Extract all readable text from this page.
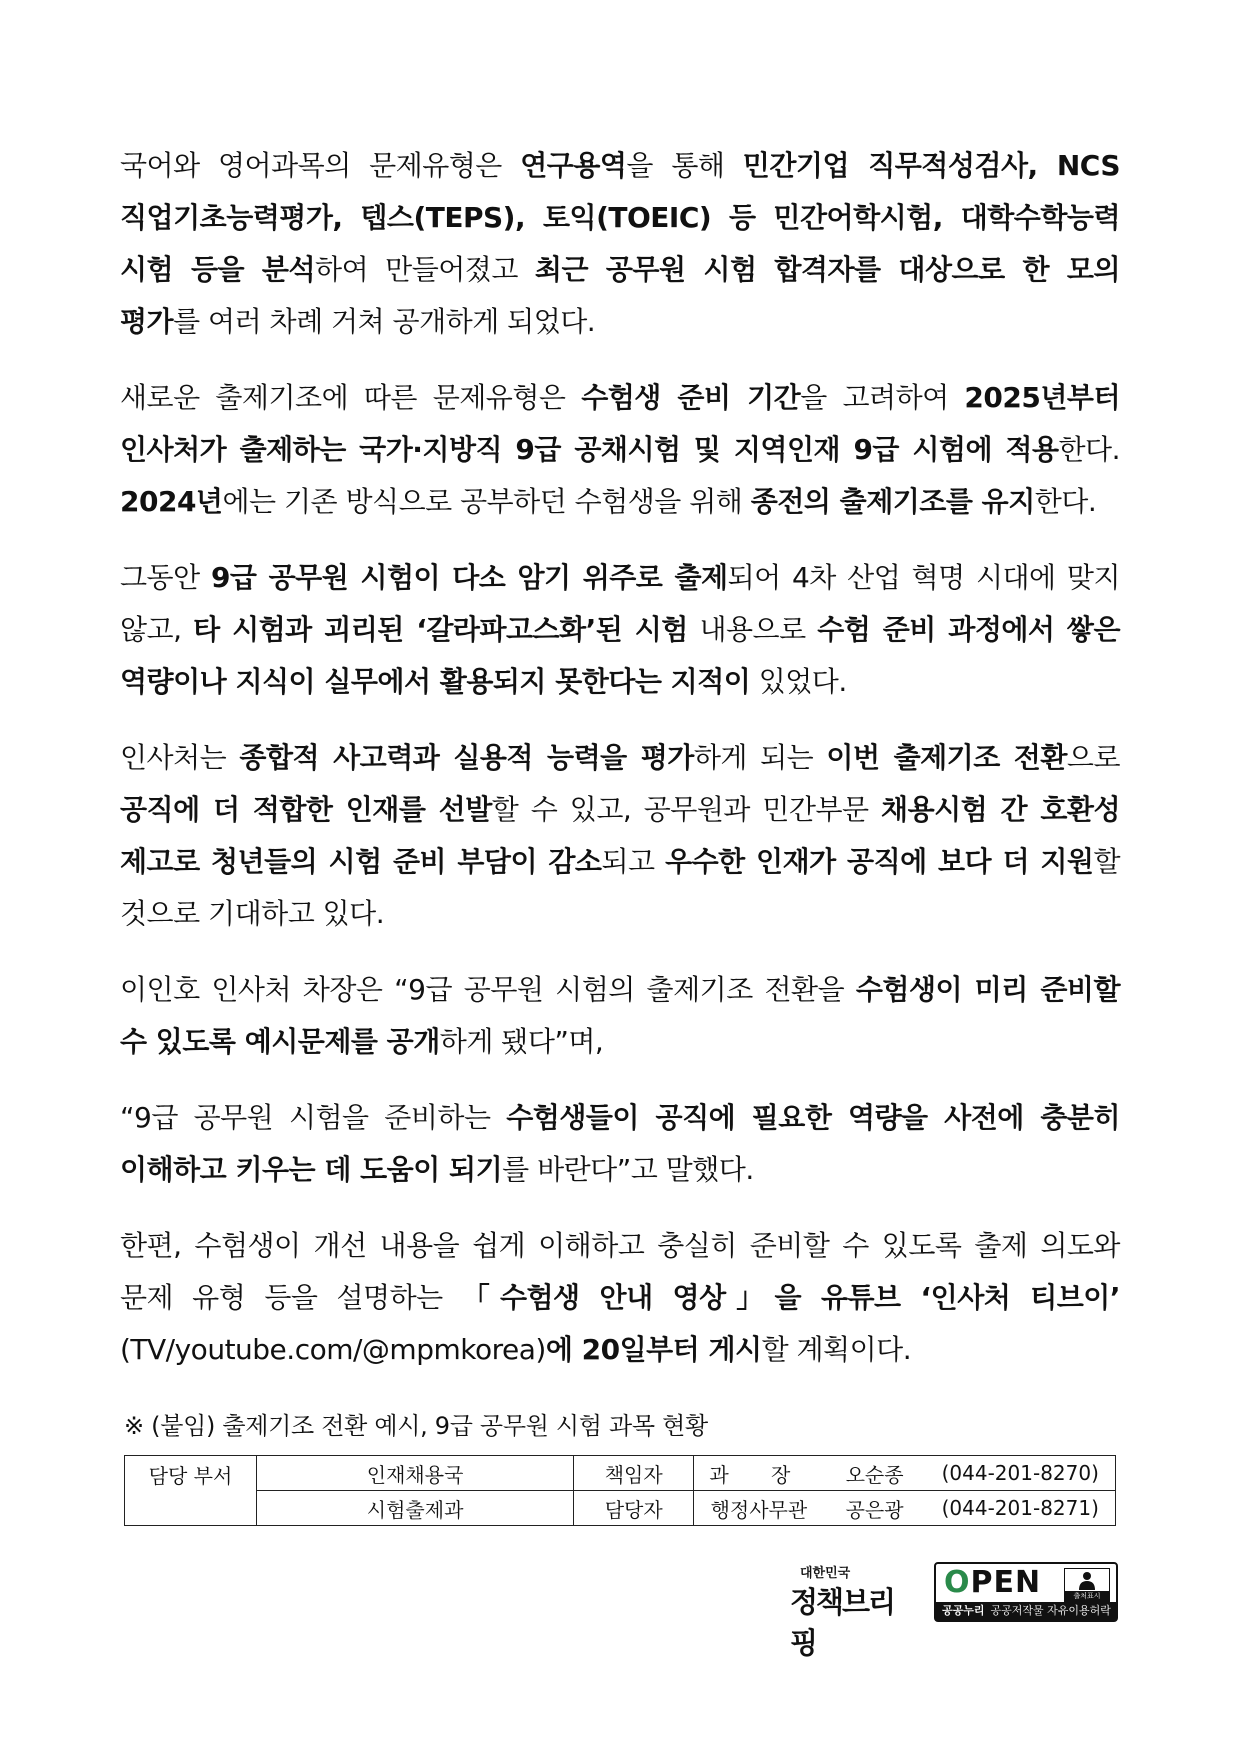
국어와 영어과목의 문제유형은 연구용역을 통해 민간기업 직무적성검사, NCS 직업기초능력평가, 텝스(TEPS), 토익(TOEIC) 등 민간어학시험, 대학수학능력 시험 등을 분석하여 만들어졌고 최근 공무원 시험 합격자를 대상으로 한 모의 평가를 여러 차례 거쳐 공개하게 되었다.

새로운 출제기조에 따른 문제유형은 수험생 준비 기간을 고려하여 2025년부터 인사처가 출제하는 국가·지방직 9급 공채시험 및 지역인재 9급 시험에 적용한다. 2024년에는 기존 방식으로 공부하던 수험생을 위해 종전의 출제기조를 유지한다.

그동안 9급 공무원 시험이 다소 암기 위주로 출제되어 4차 산업 혁명 시대에 맞지 않고, 타 시험과 괴리된 ‘갈라파고스화’된 시험 내용으로 수험 준비 과정에서 쌓은 역량이나 지식이 실무에서 활용되지 못한다는 지적이 있었다.

인사처는 종합적 사고력과 실용적 능력을 평가하게 되는 이번 출제기조 전환으로 공직에 더 적합한 인재를 선발할 수 있고, 공무원과 민간부문 채용시험 간 호환성 제고로 청년들의 시험 준비 부담이 감소되고 우수한 인재가 공직에 보다 더 지원할 것으로 기대하고 있다.

이인호 인사처 차장은 “9급 공무원 시험의 출제기조 전환을 수험생이 미리 준비할 수 있도록 예시문제를 공개하게 됐다”며,

“9급 공무원 시험을 준비하는 수험생들이 공직에 필요한 역량을 사전에 충분히 이해하고 키우는 데 도움이 되기를 바란다”고 말했다.

한편, 수험생이 개선 내용을 쉽게 이해하고 충실히 준비할 수 있도록 출제 의도와 문제 유형 등을 설명하는 「수험생 안내 영상」을 유튜브 ‘인사처 티브이’ (TV/youtube.com/@mpmkorea)에 20일부터 게시할 계획이다.

※ (붙임) 출제기조 전환 예시, 9급 공무원 시험 과목 현황
담당 부서	인재채용국	책임자	과 장	오순종	(044-201-8270)
	시험출제과	담당자	행정사무관	공은광	(044-201-8271)
대한민국
정책브리핑
OPEN	출처표시
공공누리 공공저작물 자유이용허락
